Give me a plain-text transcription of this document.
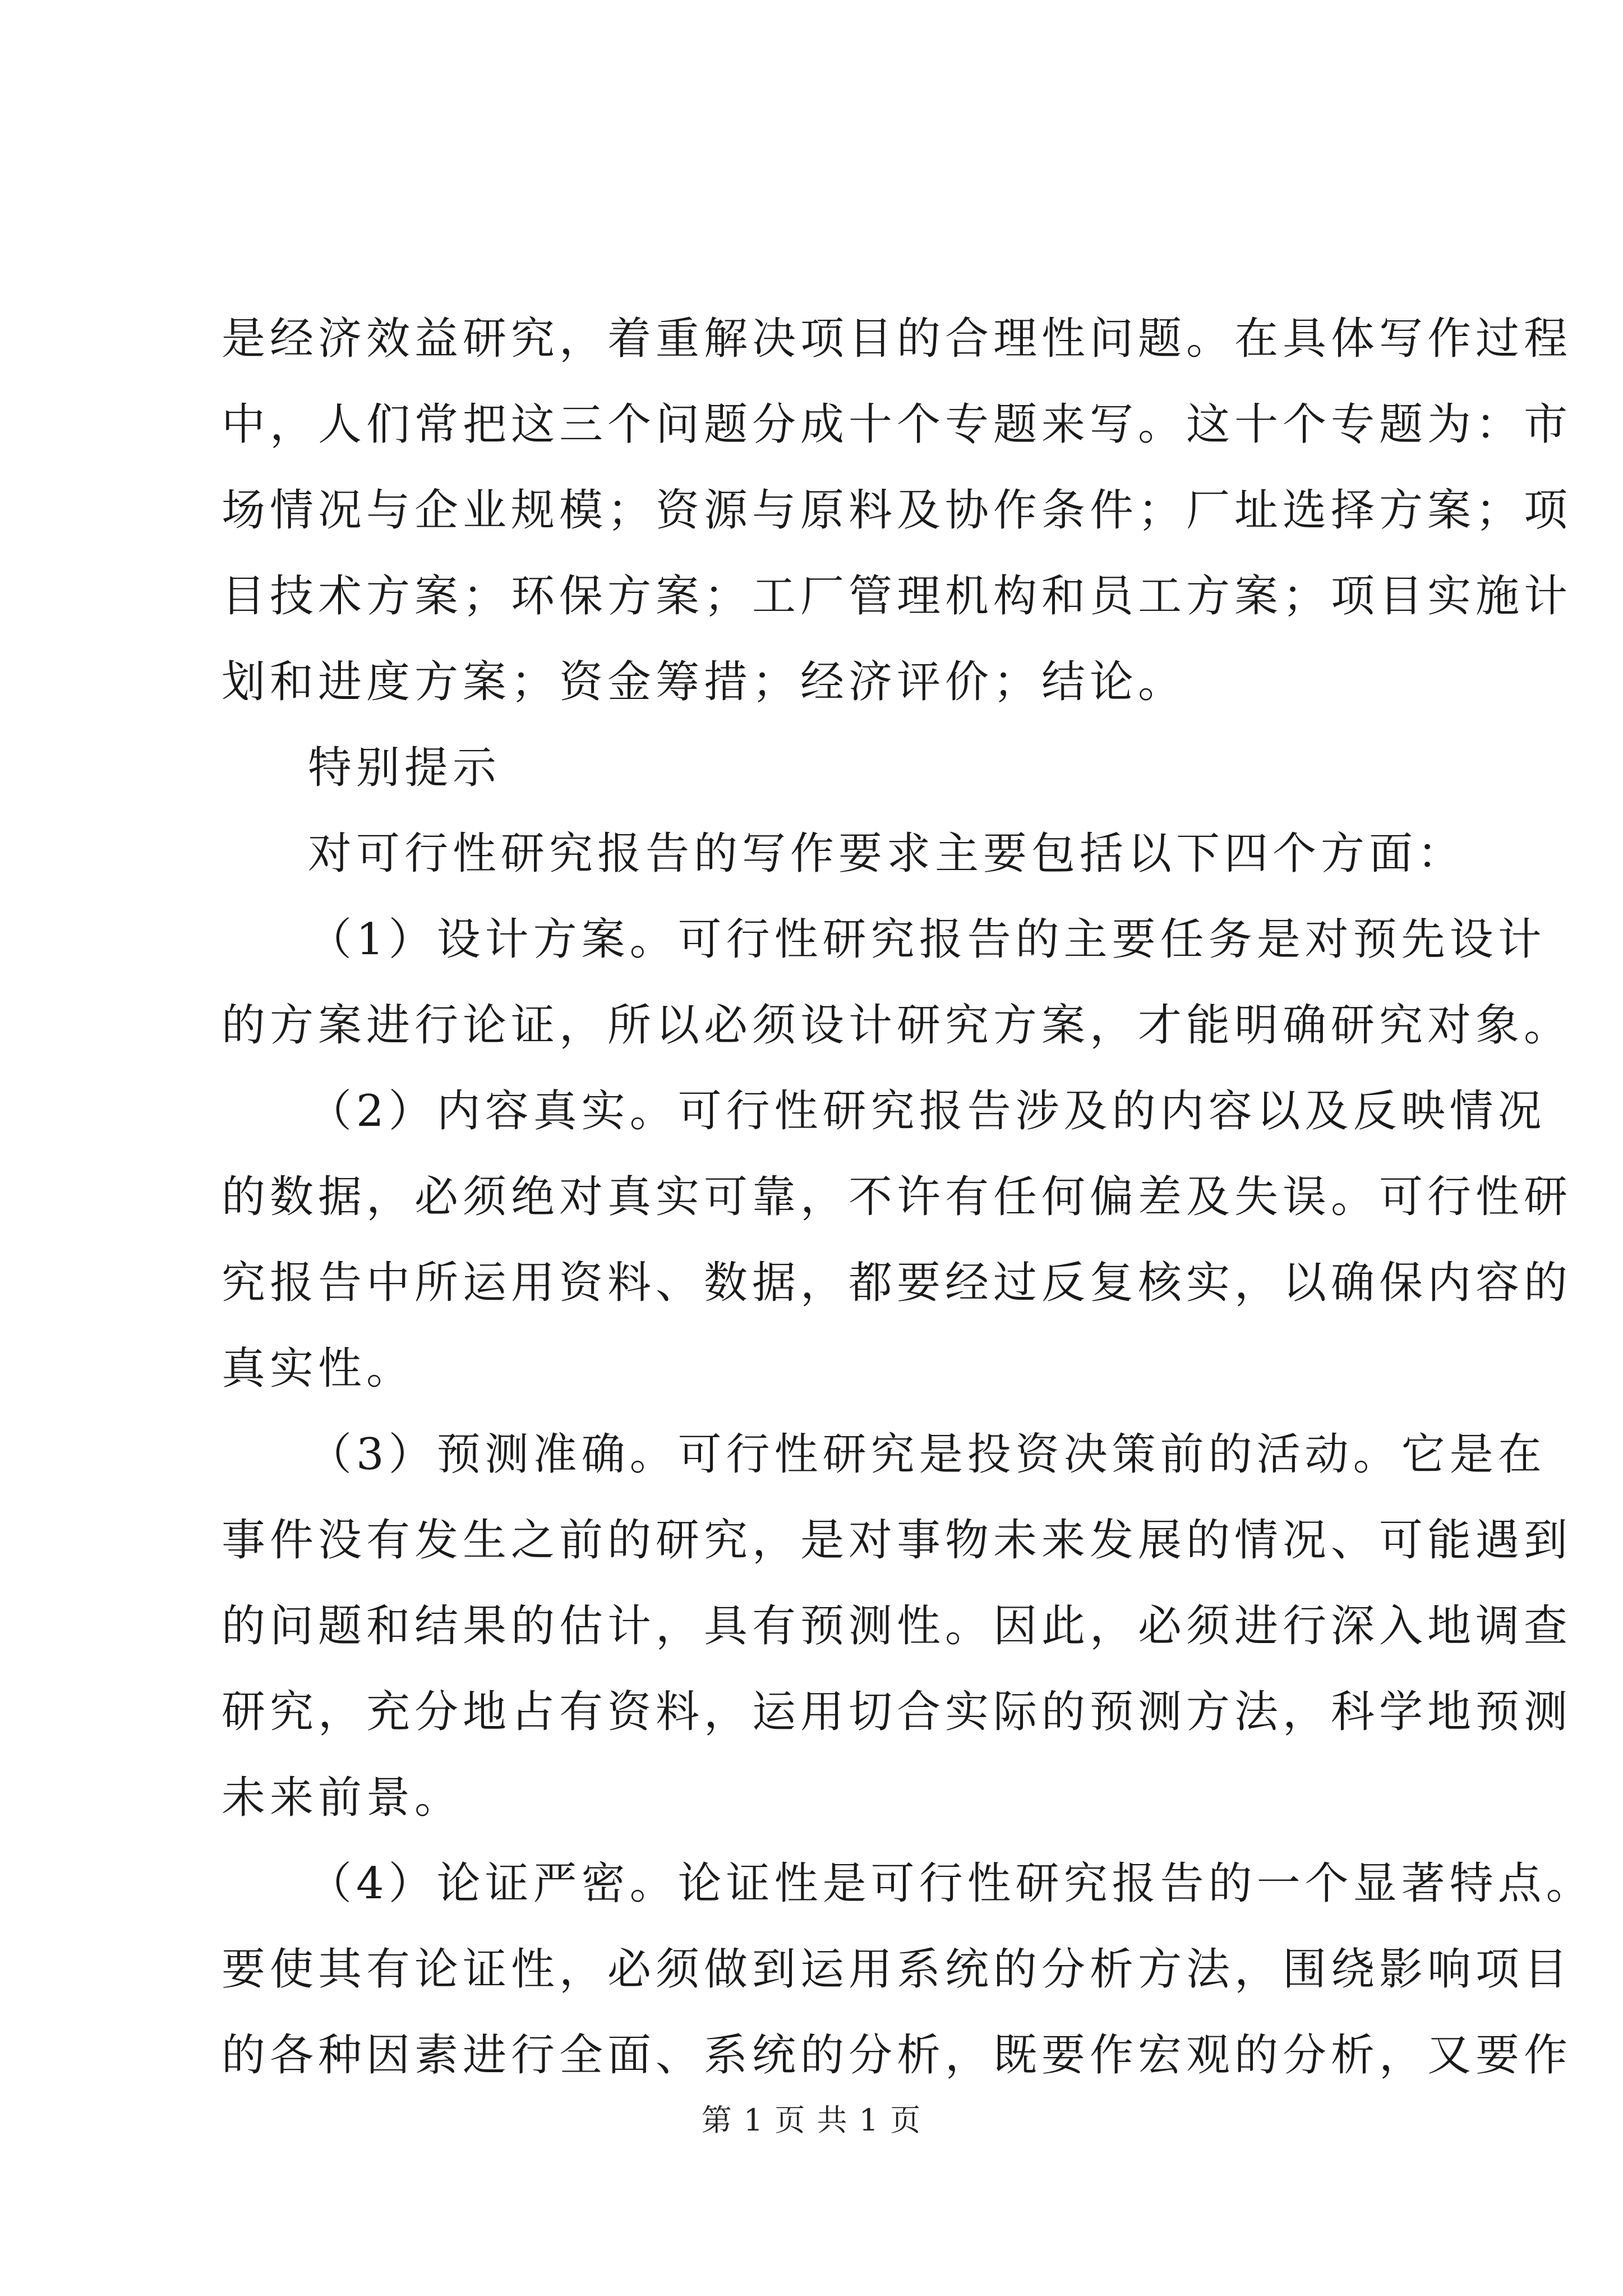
是经济效益研究，着重解决项目的合理性问题。在具体写作过程
中，人们常把这三个问题分成十个专题来写。这十个专题为：市
场情况与企业规模；资源与原料及协作条件；厂址选择方案；项
目技术方案；环保方案；工厂管理机构和员工方案；项目实施计
划和进度方案；资金筹措；经济评价；结论。
特别提示
对可行性研究报告的写作要求主要包括以下四个方面：
（1）设计方案。可行性研究报告的主要任务是对预先设计
的方案进行论证，所以必须设计研究方案，才能明确研究对象。
（2）内容真实。可行性研究报告涉及的内容以及反映情况
的数据，必须绝对真实可靠，不许有任何偏差及失误。可行性研
究报告中所运用资料、数据，都要经过反复核实，以确保内容的
真实性。
（3）预测准确。可行性研究是投资决策前的活动。它是在
事件没有发生之前的研究，是对事物未来发展的情况、可能遇到
的问题和结果的估计，具有预测性。因此，必须进行深入地调查
研究，充分地占有资料，运用切合实际的预测方法，科学地预测
未来前景。
（4）论证严密。论证性是可行性研究报告的一个显著特点。
要使其有论证性，必须做到运用系统的分析方法，围绕影响项目
的各种因素进行全面、系统的分析，既要作宏观的分析，又要作
第 1 页 共 1 页
